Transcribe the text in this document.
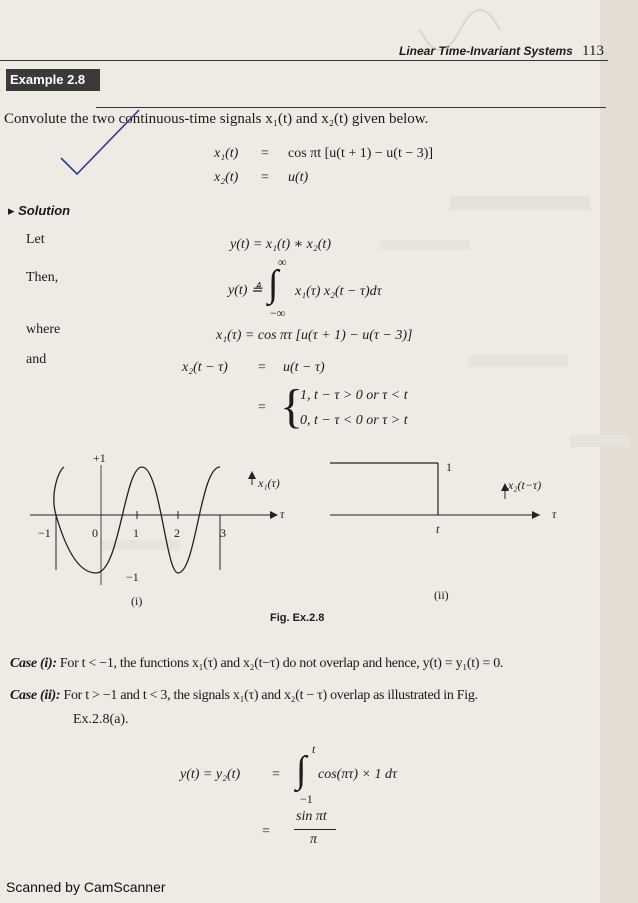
Linear Time-Invariant Systems 113
Example 2.8
Convolute the two continuous-time signals x₁(t) and x₂(t) given below.
x₁(t) = cos πt [u(t + 1) − u(t − 3)]
x₂(t) = u(t)
▸ Solution
Let	y(t) = x₁(t) ∗ x₂(t)
Then,
∞
y(t) ≜ ∫
−∞
x₁(τ) x₂(t − τ)dτ
where	x₁(τ) = cos πτ [u(τ + 1) − u(τ − 3)]
and
x₂(t − τ) = u(t − τ)
= {
1, t − τ > 0 or τ < t
0, t − τ < 0 or τ > t
+1
−1	0	1	2	3
−1
x₁(τ)
τ
(i)
1
x₂(t−τ)
τ
t
(ii)
Fig. Ex.2.8
Case (i): For t < −1, the functions x₁(τ) and x₂(t−τ) do not overlap and hence, y(t) = y₁(t) = 0.
Case (ii): For t > −1 and t < 3, the signals x₁(τ) and x₂(t − τ) overlap as illustrated in Fig.
Ex.2.8(a).
t
y(t) = y₂(t) = ∫
−1
cos(πτ) × 1 dτ
=
sin πt
π
Scanned by CamScanner
